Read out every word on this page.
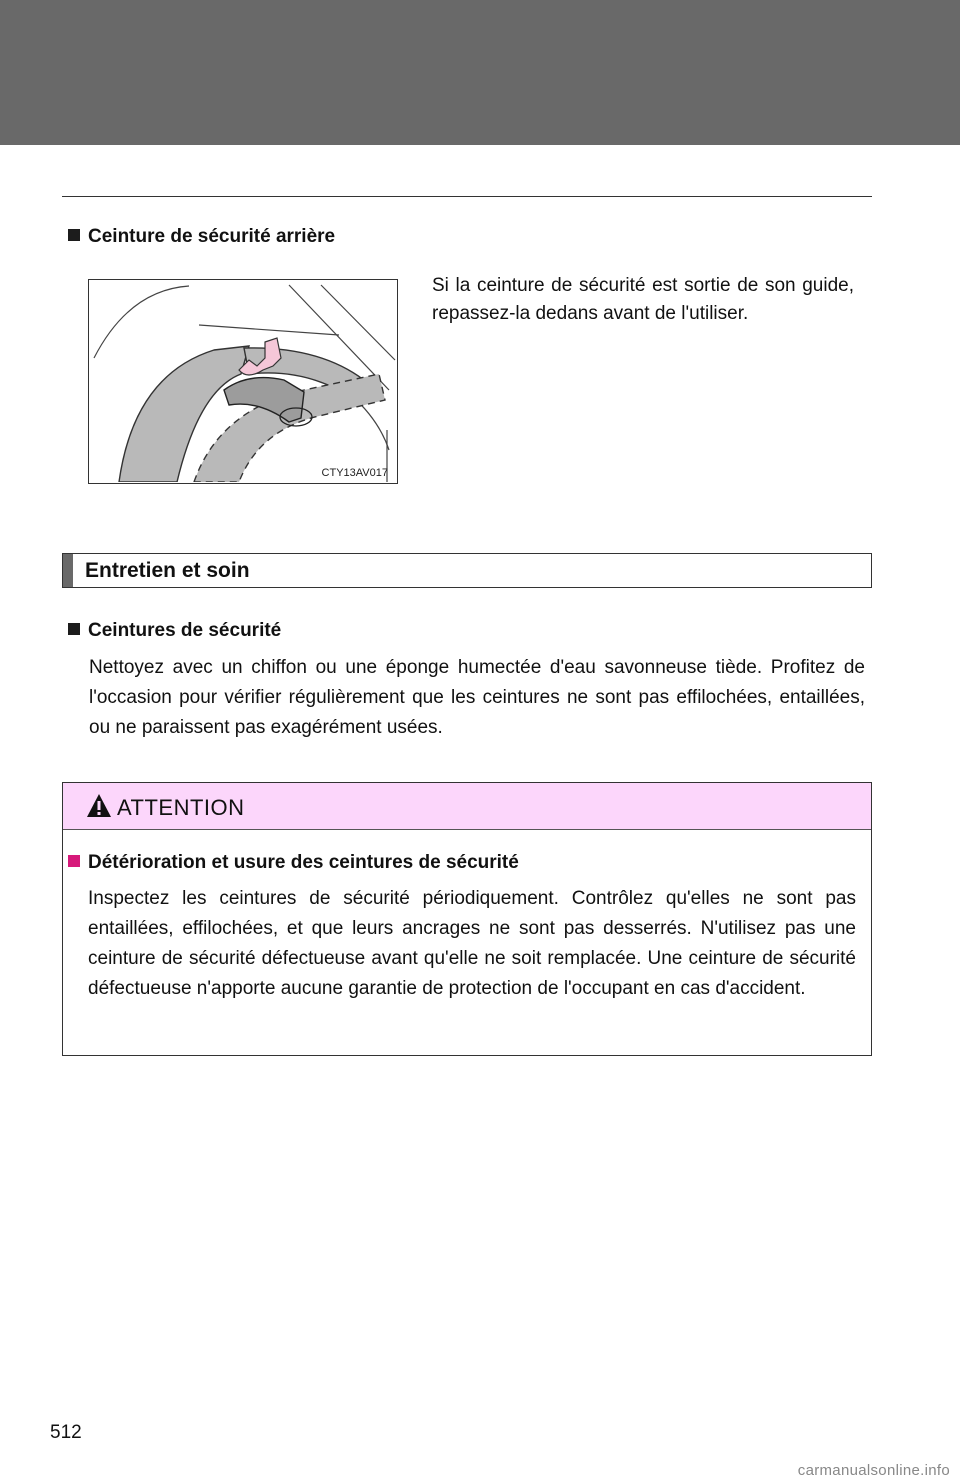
Ceinture de sécurité arrière
CTY13AV017
Si la ceinture de sécurité est sortie de son guide, repassez-la dedans avant de l'utiliser.
Entretien et soin
Ceintures de sécurité
Nettoyez avec un chiffon ou une éponge humectée d'eau savonneuse tiède. Profitez de l'occasion pour vérifier régulièrement que les ceintures ne sont pas effilochées, entaillées, ou ne paraissent pas exagérément usées.
ATTENTION
Détérioration et usure des ceintures de sécurité
Inspectez les ceintures de sécurité périodiquement. Contrôlez qu'elles ne sont pas entaillées, effilochées, et que leurs ancrages ne sont pas desserrés. N'utilisez pas une ceinture de sécurité défectueuse avant qu'elle ne soit remplacée. Une ceinture de sécurité défectueuse n'apporte aucune garantie de protection de l'occupant en cas d'accident.
512
carmanualsonline.info
